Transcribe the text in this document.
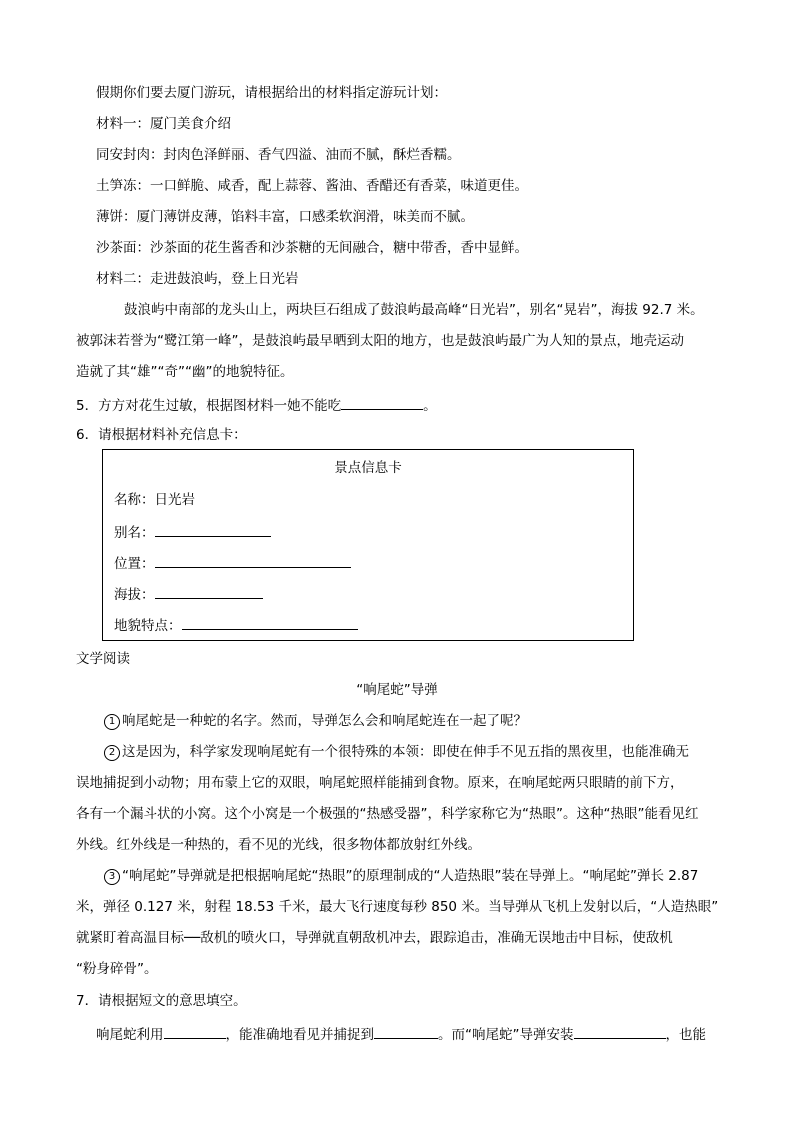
假期你们要去厦门游玩，请根据给出的材料指定游玩计划：
材料一：厦门美食介绍
同安封肉：封肉色泽鲜丽、香气四溢、油而不腻，酥烂香糯。
土笋冻：一口鲜脆、咸香，配上蒜蓉、酱油、香醋还有香菜，味道更佳。
薄饼：厦门薄饼皮薄，馅料丰富，口感柔软润滑，味美而不腻。
沙茶面：沙茶面的花生酱香和沙茶糖的无间融合，糖中带香，香中显鲜。
材料二：走进鼓浪屿，登上日光岩
鼓浪屿中南部的龙头山上，两块巨石组成了鼓浪屿最高峰“日光岩”，别名“晃岩”，海拔 92.7 米。
被郭沫若誉为“鹭江第一峰”，是鼓浪屿最早晒到太阳的地方，也是鼓浪屿最广为人知的景点，地壳运动
造就了其“雄”“奇”“幽”的地貌特征。
5．方方对花生过敏，根据图材料一她不能吃	。
6．请根据材料补充信息卡：
景点信息卡
名称：日光岩
别名：
位置：
海拔：
地貌特点：
文学阅读
“响尾蛇”导弹
1 响尾蛇是一种蛇的名字。然而，导弹怎么会和响尾蛇连在一起了呢？
2 这是因为，科学家发现响尾蛇有一个很特殊的本领：即使在伸手不见五指的黑夜里，也能准确无
误地捕捉到小动物；用布蒙上它的双眼，响尾蛇照样能捕到食物。原来，在响尾蛇两只眼睛的前下方，
各有一个漏斗状的小窝。这个小窝是一个极强的“热感受器”，科学家称它为“热眼”。这种“热眼”能看见红
外线。红外线是一种热的，看不见的光线，很多物体都放射红外线。
3 “响尾蛇”导弹就是把根据响尾蛇“热眼”的原理制成的“人造热眼”装在导弹上。“响尾蛇”弹长 2.87
米，弹径 0.127 米，射程 18.53 千米，最大飞行速度每秒 850 米。当导弹从飞机上发射以后，“人造热眼”
就紧盯着高温目标──敌机的喷火口，导弹就直朝敌机冲去，跟踪追击，准确无误地击中目标，使敌机
“粉身碎骨”。
7．请根据短文的意思填空。
响尾蛇利用	，能准确地看见并捕捉到	。而“响尾蛇”导弹安装	，也能
